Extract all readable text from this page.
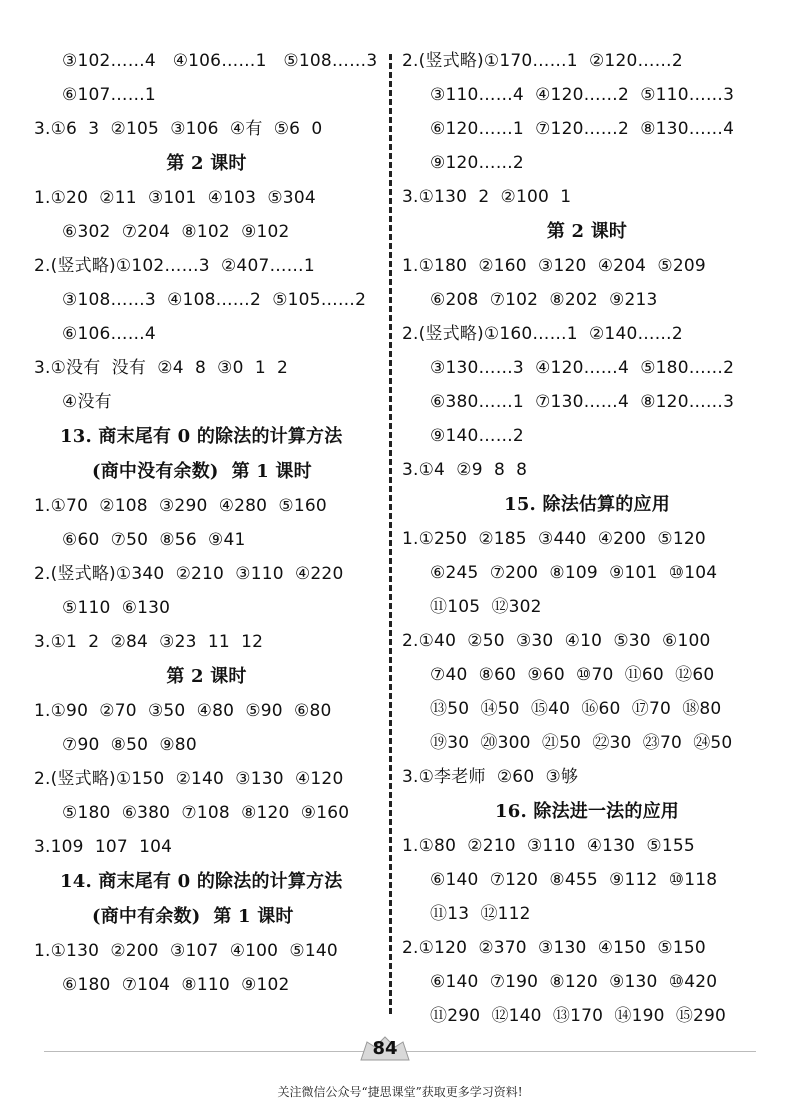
③102……4   ④106……1   ⑤108……3
⑥107……1
3.①6  3  ②105  ③106  ④有  ⑤6  0
第 2 课时
1.①20  ②11  ③101  ④103  ⑤304
⑥302  ⑦204  ⑧102  ⑨102
2.(竖式略)①102……3  ②407……1
③108……3  ④108……2  ⑤105……2
⑥106……4
3.①没有  没有  ②4  8  ③0  1  2
④没有
13. 商末尾有 0 的除法的计算方法
(商中没有余数)  第 1 课时
1.①70  ②108  ③290  ④280  ⑤160
⑥60  ⑦50  ⑧56  ⑨41
2.(竖式略)①340  ②210  ③110  ④220
⑤110  ⑥130
3.①1  2  ②84  ③23  11  12
第 2 课时
1.①90  ②70  ③50  ④80  ⑤90  ⑥80
⑦90  ⑧50  ⑨80
2.(竖式略)①150  ②140  ③130  ④120
⑤180  ⑥380  ⑦108  ⑧120  ⑨160
3.109  107  104
14. 商末尾有 0 的除法的计算方法
(商中有余数)  第 1 课时
1.①130  ②200  ③107  ④100  ⑤140
⑥180  ⑦104  ⑧110  ⑨102
2.(竖式略)①170……1  ②120……2
③110……4  ④120……2  ⑤110……3
⑥120……1  ⑦120……2  ⑧130……4
⑨120……2
3.①130  2  ②100  1
第 2 课时
1.①180  ②160  ③120  ④204  ⑤209
⑥208  ⑦102  ⑧202  ⑨213
2.(竖式略)①160……1  ②140……2
③130……3  ④120……4  ⑤180……2
⑥380……1  ⑦130……4  ⑧120……3
⑨140……2
3.①4  ②9  8  8
15. 除法估算的应用
1.①250  ②185  ③440  ④200  ⑤120
⑥245  ⑦200  ⑧109  ⑨101  ⑩104
⑪105  ⑫302
2.①40  ②50  ③30  ④10  ⑤30  ⑥100
⑦40  ⑧60  ⑨60  ⑩70  ⑪60  ⑫60
⑬50  ⑭50  ⑮40  ⑯60  ⑰70  ⑱80
⑲30  ⑳300  ㉑50  ㉒30  ㉓70  ㉔50
3.①李老师  ②60  ③够
16. 除法进一法的应用
1.①80  ②210  ③110  ④130  ⑤155
⑥140  ⑦120  ⑧455  ⑨112  ⑩118
⑪13  ⑫112
2.①120  ②370  ③130  ④150  ⑤150
⑥140  ⑦190  ⑧120  ⑨130  ⑩420
⑪290  ⑫140  ⑬170  ⑭190  ⑮290
84
关注微信公众号“捷思课堂”获取更多学习资料!
